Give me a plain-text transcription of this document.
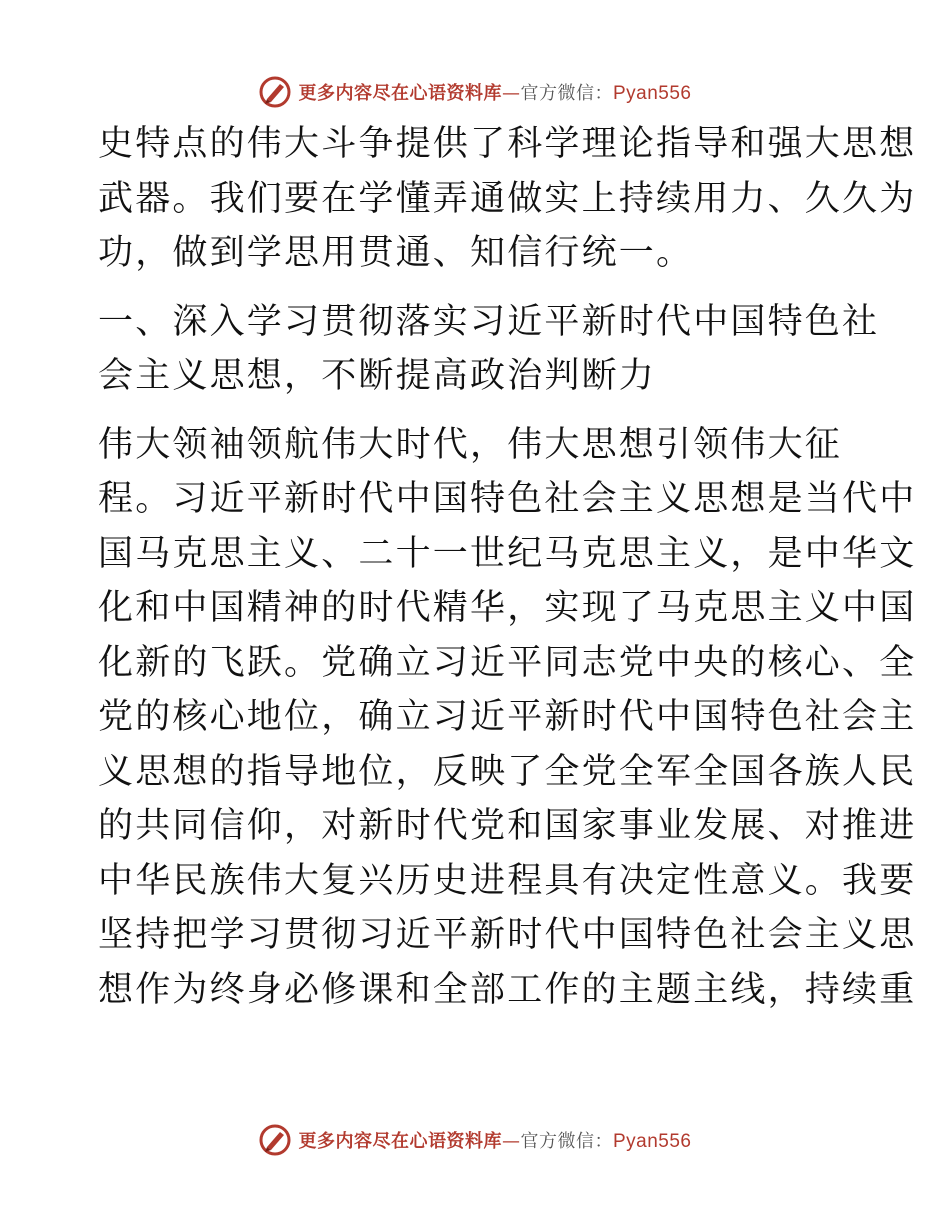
更多内容尽在心语资料库—官方微信：Pyan556
史特点的伟大斗争提供了科学理论指导和强大思想
武器。我们要在学懂弄通做实上持续用力、久久为
功，做到学思用贯通、知信行统一。
一、深入学习贯彻落实习近平新时代中国特色社
会主义思想，不断提高政治判断力
伟大领袖领航伟大时代，伟大思想引领伟大征
程。习近平新时代中国特色社会主义思想是当代中
国马克思主义、二十一世纪马克思主义，是中华文
化和中国精神的时代精华，实现了马克思主义中国
化新的飞跃。党确立习近平同志党中央的核心、全
党的核心地位，确立习近平新时代中国特色社会主
义思想的指导地位，反映了全党全军全国各族人民
的共同信仰，对新时代党和国家事业发展、对推进
中华民族伟大复兴历史进程具有决定性意义。我要
坚持把学习贯彻习近平新时代中国特色社会主义思
想作为终身必修课和全部工作的主题主线，持续重
更多内容尽在心语资料库—官方微信：Pyan556
